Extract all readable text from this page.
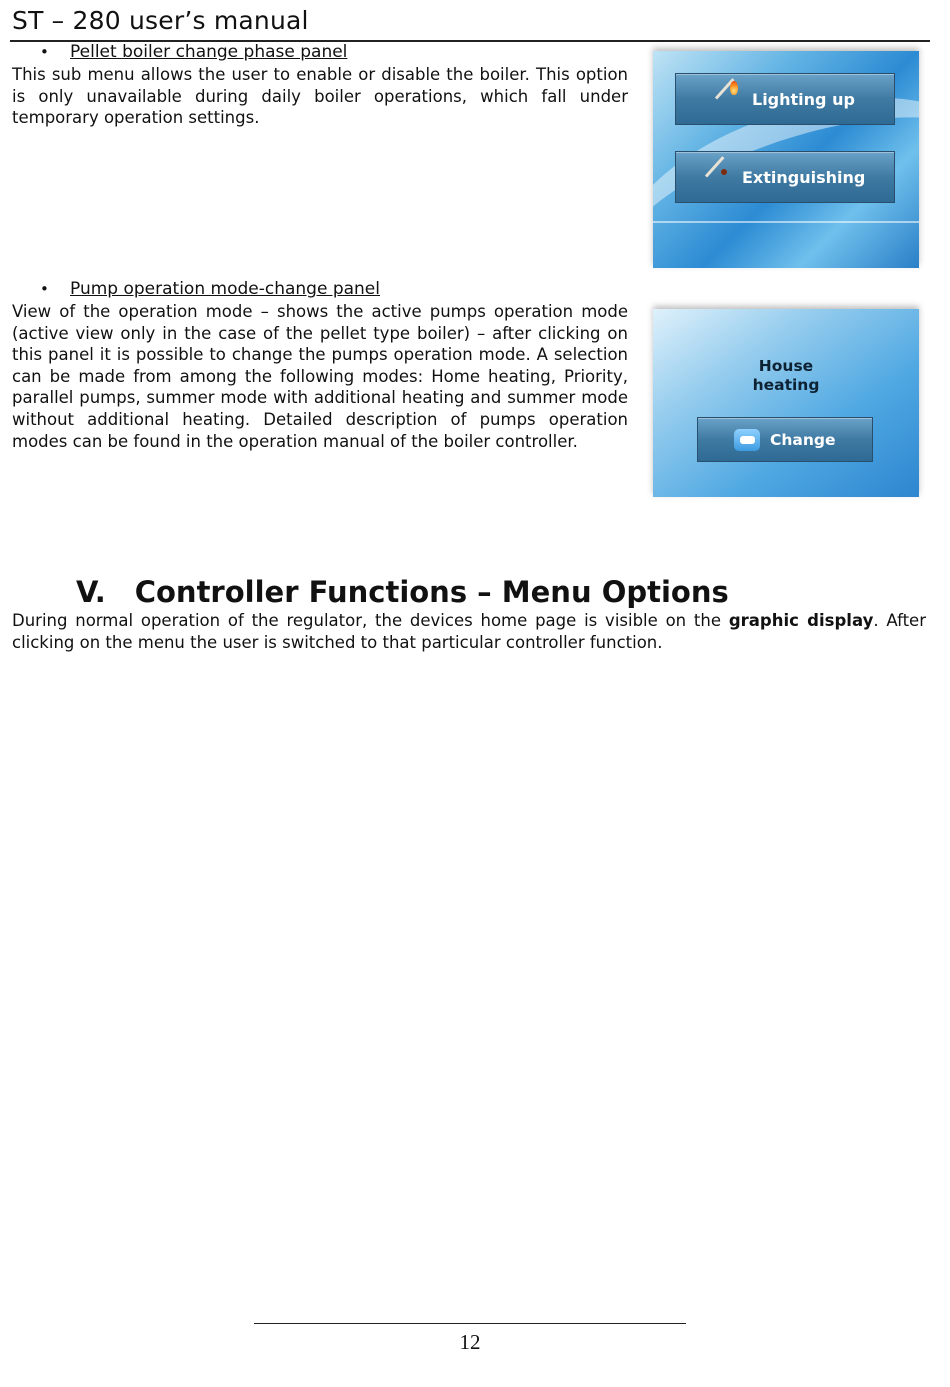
ST – 280 user’s manual
• Pellet boiler change phase panel
This sub menu allows the user to enable or disable the boiler. This option is only unavailable during daily boiler operations, which fall under temporary operation settings.
Lighting up
Extinguishing
• Pump operation mode-change panel
View of the operation mode – shows the active pumps operation mode (active view only in the case of the pellet type boiler) – after clicking on this panel it is possible to change the pumps operation mode. A selection can be made from among the following modes: Home heating, Priority, parallel pumps, summer mode with additional heating and summer mode without additional heating. Detailed description of pumps operation modes can be found in the operation manual of the boiler controller.
House
heating
Change
V. Controller Functions – Menu Options
During normal operation of the regulator, the devices home page is visible on the graphic display. After clicking on the menu the user is switched to that particular controller function.
12
